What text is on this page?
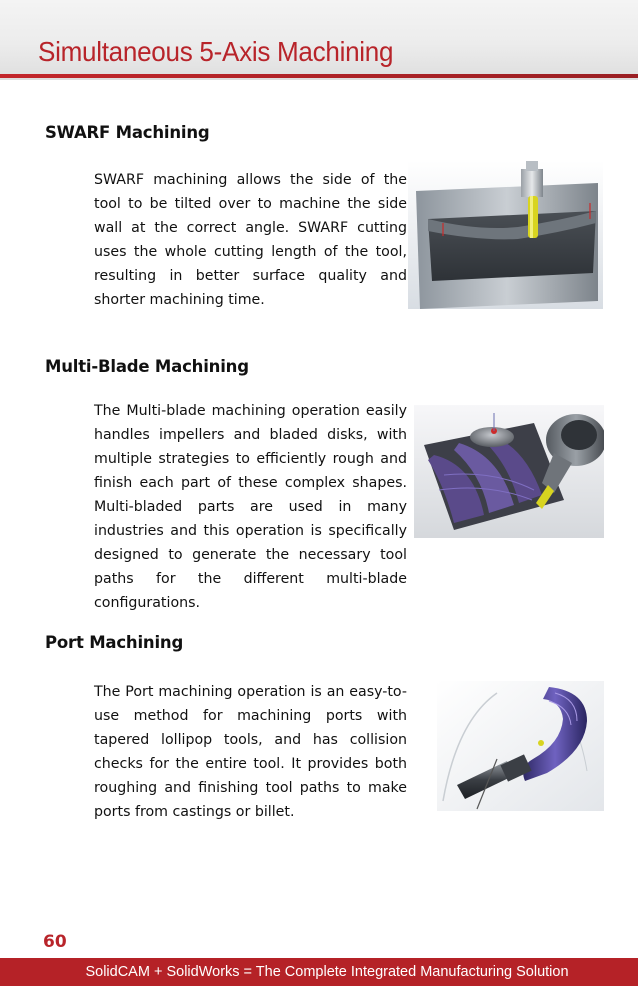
Simultaneous 5-Axis Machining
SWARF Machining
SWARF machining allows the side of the tool to be tilted over to machine the side wall at the correct angle. SWARF cutting uses the whole cutting length of the tool, resulting in better surface quality and shorter machining time.
Multi-Blade Machining
The Multi-blade machining operation easily handles impellers and bladed disks, with multiple strategies to efficiently rough and finish each part of these complex shapes. Multi-bladed parts are used in many industries and this operation is specifically designed to generate the necessary tool paths for the different multi-blade configurations.
Port Machining
The Port machining operation is an easy-to-use method for machining ports with tapered lollipop tools, and has collision checks for the entire tool. It provides both roughing and finishing tool paths to make ports from castings or billet.
60
SolidCAM + SolidWorks = The Complete Integrated Manufacturing Solution
